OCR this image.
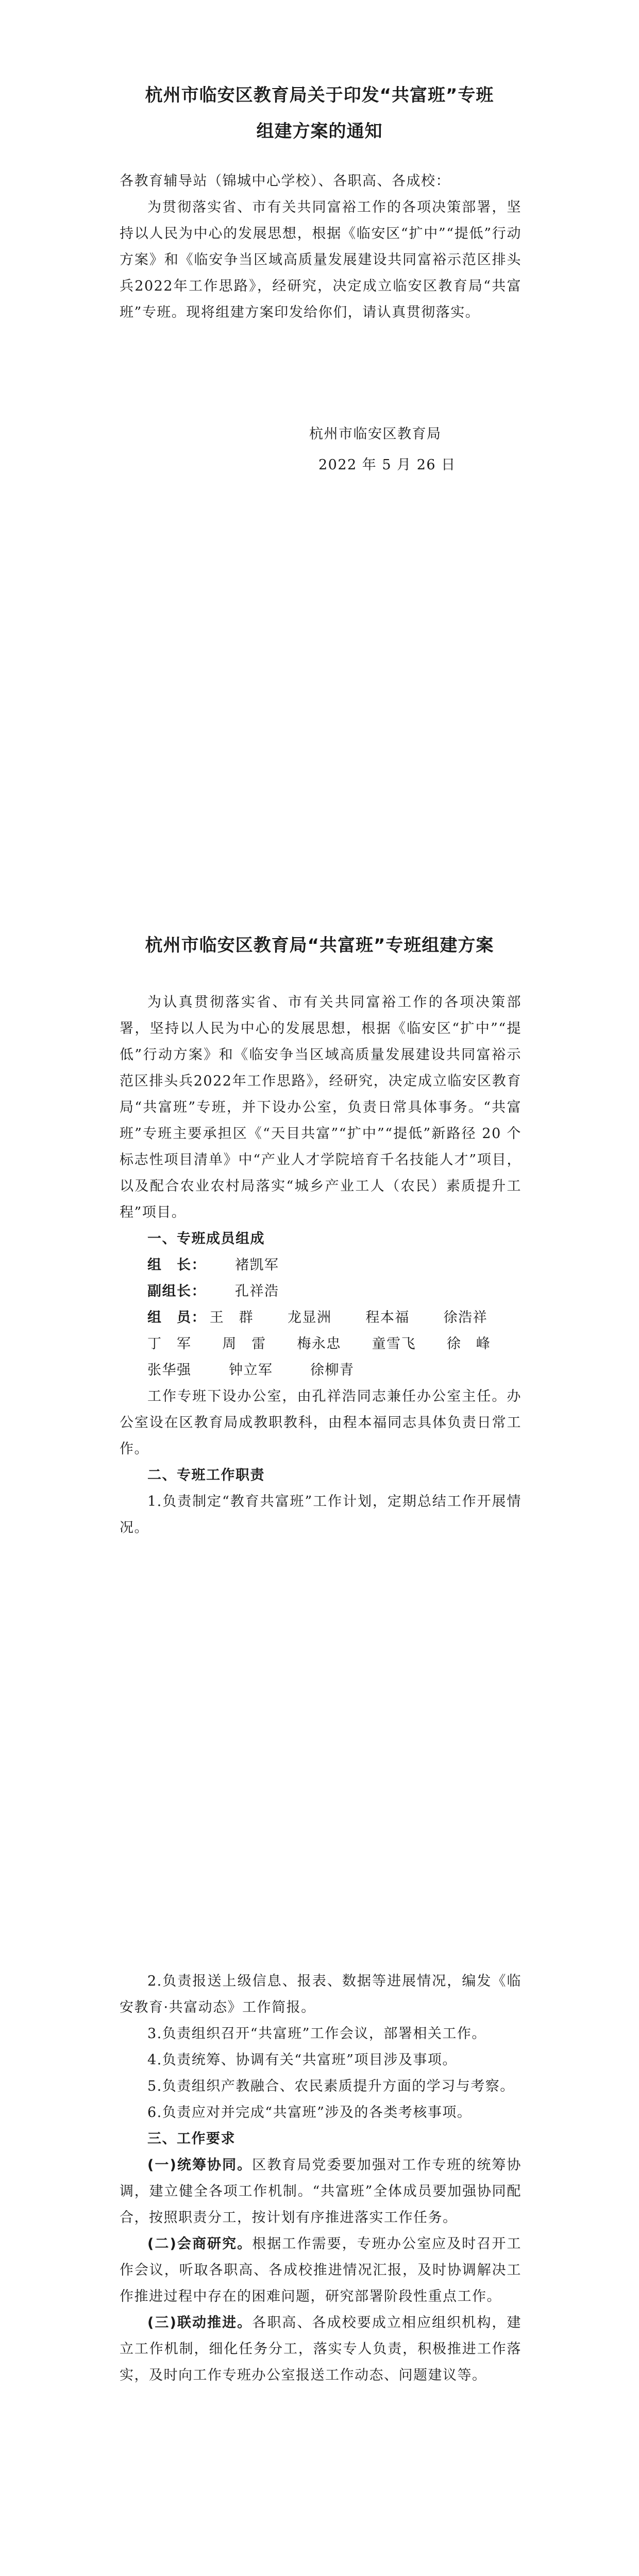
杭州市临安区教育局关于印发“共富班”专班
组建方案的通知

各教育辅导站（锦城中心学校）、各职高、各成校：

为贯彻落实省、市有关共同富裕工作的各项决策部署，坚持以人民为中心的发展思想，根据《临安区“扩中”“提低”行动方案》和《临安争当区域高质量发展建设共同富裕示范区排头兵2022年工作思路》，经研究，决定成立临安区教育局“共富班”专班。现将组建方案印发给你们，请认真贯彻落实。

杭州市临安区教育局
2022 年 5 月 26 日
杭州市临安区教育局“共富班”专班组建方案

为认真贯彻落实省、市有关共同富裕工作的各项决策部署，坚持以人民为中心的发展思想，根据《临安区“扩中”“提低”行动方案》和《临安争当区域高质量发展建设共同富裕示范区排头兵2022年工作思路》，经研究，决定成立临安区教育局“共富班”专班，并下设办公室，负责日常具体事务。“共富班”专班主要承担区《“天目共富”“扩中”“提低”新路径 20 个标志性项目清单》中“产业人才学院培育千名技能人才”项目，以及配合农业农村局落实“城乡产业工人（农民）素质提升工程”项目。

一、专班成员组成

组　长：	褚凯军

副组长：	孔祥浩

组　员： 王　群	龙显洲	程本福	徐浩祥

丁　军	周　雷	梅永忠	童雪飞	徐　峰

张华强	钟立军	徐柳青

工作专班下设办公室，由孔祥浩同志兼任办公室主任。办公室设在区教育局成教职教科，由程本福同志具体负责日常工作。

二、专班工作职责

1.负责制定“教育共富班”工作计划，定期总结工作开展情况。

2.负责报送上级信息、报表、数据等进展情况，编发《临安教育·共富动态》工作简报。

3.负责组织召开“共富班”工作会议，部署相关工作。

4.负责统筹、协调有关“共富班”项目涉及事项。

5.负责组织产教融合、农民素质提升方面的学习与考察。

6.负责应对并完成“共富班”涉及的各类考核事项。

三、工作要求

(一)统筹协同。区教育局党委要加强对工作专班的统筹协调，建立健全各项工作机制。“共富班”全体成员要加强协同配合，按照职责分工，按计划有序推进落实工作任务。

(二)会商研究。根据工作需要，专班办公室应及时召开工作会议，听取各职高、各成校推进情况汇报，及时协调解决工作推进过程中存在的困难问题，研究部署阶段性重点工作。

(三)联动推进。各职高、各成校要成立相应组织机构，建立工作机制，细化任务分工，落实专人负责，积极推进工作落实，及时向工作专班办公室报送工作动态、问题建议等。
